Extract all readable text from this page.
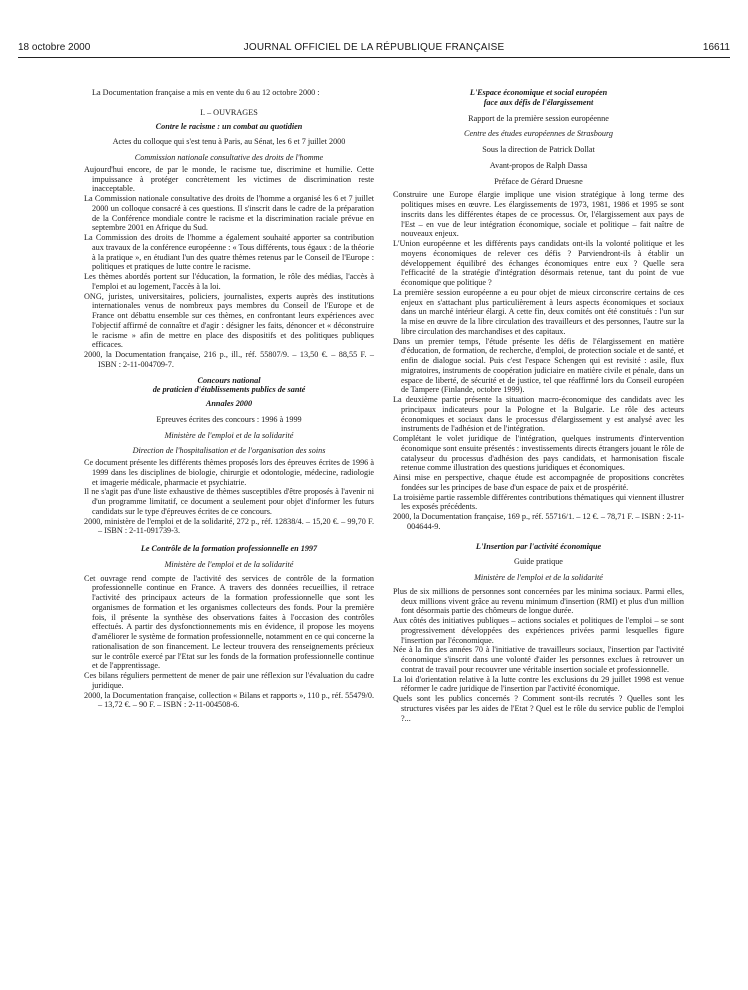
18 octobre 2000	JOURNAL OFFICIEL DE LA RÉPUBLIQUE FRANÇAISE	16611

La Documentation française a mis en vente du 6 au 12 octobre 2000 :

I. – OUVRAGES

Contre le racisme : un combat au quotidien

Actes du colloque qui s'est tenu à Paris, au Sénat, les 6 et 7 juillet 2000

Commission nationale consultative des droits de l'homme

Aujourd'hui encore, de par le monde, le racisme tue, discrimine et humilie. Cette impuissance à protéger concrètement les victimes de discrimination reste inacceptable.

La Commission nationale consultative des droits de l'homme a organisé les 6 et 7 juillet 2000 un colloque consacré à ces questions. Il s'inscrit dans le cadre de la préparation de la Conférence mondiale contre le racisme et la discrimination raciale prévue en septembre 2001 en Afrique du Sud.

La Commission des droits de l'homme a également souhaité apporter sa contribution aux travaux de la conférence européenne : « Tous différents, tous égaux : de la théorie à la pratique », en étudiant l'un des quatre thèmes retenus par le Conseil de l'Europe : politiques et pratiques de lutte contre le racisme.

Les thèmes abordés portent sur l'éducation, la formation, le rôle des médias, l'accès à l'emploi et au logement, l'accès à la loi.

ONG, juristes, universitaires, policiers, journalistes, experts auprès des institutions internationales venus de nombreux pays membres du Conseil de l'Europe et de France ont débattu ensemble sur ces thèmes, en confrontant leurs expériences avec l'objectif affirmé de connaître et d'agir : désigner les faits, dénoncer et « déconstruire le racisme » afin de mettre en place des dispositifs et des politiques publiques efficaces.

2000, la Documentation française, 216 p., ill., réf. 55807/9. – 13,50 €. – 88,55 F. – ISBN : 2-11-004709-7.

Concours national

de praticien d'établissements publics de santé

Annales 2000

Epreuves écrites des concours : 1996 à 1999

Ministère de l'emploi et de la solidarité

Direction de l'hospitalisation et de l'organisation des soins

Ce document présente les différents thèmes proposés lors des épreuves écrites de 1996 à 1999 dans les disciplines de biologie, chirurgie et odontologie, médecine, radiologie et imagerie médicale, pharmacie et psychiatrie.

Il ne s'agit pas d'une liste exhaustive de thèmes susceptibles d'être proposés à l'avenir ni d'un programme limitatif, ce document a seulement pour objet d'informer les futurs candidats sur le type d'épreuves écrites de ce concours.

2000, ministère de l'emploi et de la solidarité, 272 p., réf. 12838/4. – 15,20 €. – 99,70 F. – ISBN : 2-11-091739-3.

Le Contrôle de la formation professionnelle en 1997

Ministère de l'emploi et de la solidarité

Cet ouvrage rend compte de l'activité des services de contrôle de la formation professionnelle continue en France. A travers des données recueillies, il retrace l'activité des principaux acteurs de la formation professionnelle que sont les organismes de formation et les organismes collecteurs des fonds. Pour la première fois, il présente la synthèse des observations faites à l'occasion des contrôles effectués. A partir des dysfonctionnements mis en évidence, il propose les moyens d'améliorer le système de formation professionnelle, notamment en ce qui concerne la rationalisation de son financement. Le lecteur trouvera des renseignements précieux sur le contrôle exercé par l'Etat sur les fonds de la formation professionnelle continue et de l'apprentissage.

Ces bilans réguliers permettent de mener de pair une réflexion sur l'évaluation du cadre juridique.

2000, la Documentation française, collection « Bilans et rapports », 110 p., réf. 55479/0. – 13,72 €. – 90 F. – ISBN : 2-11-004508-6.

L'Espace économique et social européen

face aux défis de l'élargissement

Rapport de la première session européenne

Centre des études européennes de Strasbourg

Sous la direction de Patrick Dollat

Avant-propos de Ralph Dassa

Préface de Gérard Druesne

Construire une Europe élargie implique une vision stratégique à long terme des politiques mises en œuvre. Les élargissements de 1973, 1981, 1986 et 1995 se sont inscrits dans les différentes étapes de ce processus. Or, l'élargissement aux pays de l'Est – en vue de leur intégration économique, sociale et politique – fait naître de nouveaux enjeux.

L'Union européenne et les différents pays candidats ont-ils la volonté politique et les moyens économiques de relever ces défis ? Parviendront-ils à établir un développement équilibré des échanges économiques entre eux ? Quelle sera l'efficacité de la stratégie d'intégration désormais retenue, tant du point de vue économique que politique ?

La première session européenne a eu pour objet de mieux circonscrire certains de ces enjeux en s'attachant plus particulièrement à leurs aspects économiques et sociaux dans un marché intérieur élargi. A cette fin, deux comités ont été constitués : l'un sur la mise en œuvre de la libre circulation des travailleurs et des personnes, l'autre sur la libre circulation des marchandises et des capitaux.

Dans un premier temps, l'étude présente les défis de l'élargissement en matière d'éducation, de formation, de recherche, d'emploi, de protection sociale et de santé, et enfin de dialogue social. Puis c'est l'espace Schengen qui est revisité : asile, flux migratoires, instruments de coopération judiciaire en matière civile et pénale, dans un espace de liberté, de sécurité et de justice, tel que réaffirmé lors du Conseil européen de Tampere (Finlande, octobre 1999).

La deuxième partie présente la situation macro-économique des candidats avec les principaux indicateurs pour la Pologne et la Bulgarie. Le rôle des acteurs économiques et sociaux dans le processus d'élargissement y est analysé avec les instruments de l'adhésion et de l'intégration.

Complétant le volet juridique de l'intégration, quelques instruments d'intervention économique sont ensuite présentés : investissements directs étrangers jouant le rôle de catalyseur du processus d'adhésion des pays candidats, et harmonisation fiscale retenue comme illustration des questions juridiques et économiques.

Ainsi mise en perspective, chaque étude est accompagnée de propositions concrètes fondées sur les principes de base d'un espace de paix et de prospérité.

La troisième partie rassemble différentes contributions thématiques qui viennent illustrer les exposés précédents.

2000, la Documentation française, 169 p., réf. 55716/1. – 12 €. – 78,71 F. – ISBN : 2-11-004644-9.

L'Insertion par l'activité économique

Guide pratique

Ministère de l'emploi et de la solidarité

Plus de six millions de personnes sont concernées par les minima sociaux. Parmi elles, deux millions vivent grâce au revenu minimum d'insertion (RMI) et plus d'un million font désormais partie des chômeurs de longue durée.

Aux côtés des initiatives publiques – actions sociales et politiques de l'emploi – se sont progressivement développées des expériences privées parmi lesquelles figure l'insertion par l'économique.

Née à la fin des années 70 à l'initiative de travailleurs sociaux, l'insertion par l'activité économique s'inscrit dans une volonté d'aider les personnes exclues à retrouver un contrat de travail pour recouvrer une véritable insertion sociale et professionnelle.

La loi d'orientation relative à la lutte contre les exclusions du 29 juillet 1998 est venue réformer le cadre juridique de l'insertion par l'activité économique.

Quels sont les publics concernés ? Comment sont-ils recrutés ? Quelles sont les structures visées par les aides de l'Etat ? Quel est le rôle du service public de l'emploi ?...
